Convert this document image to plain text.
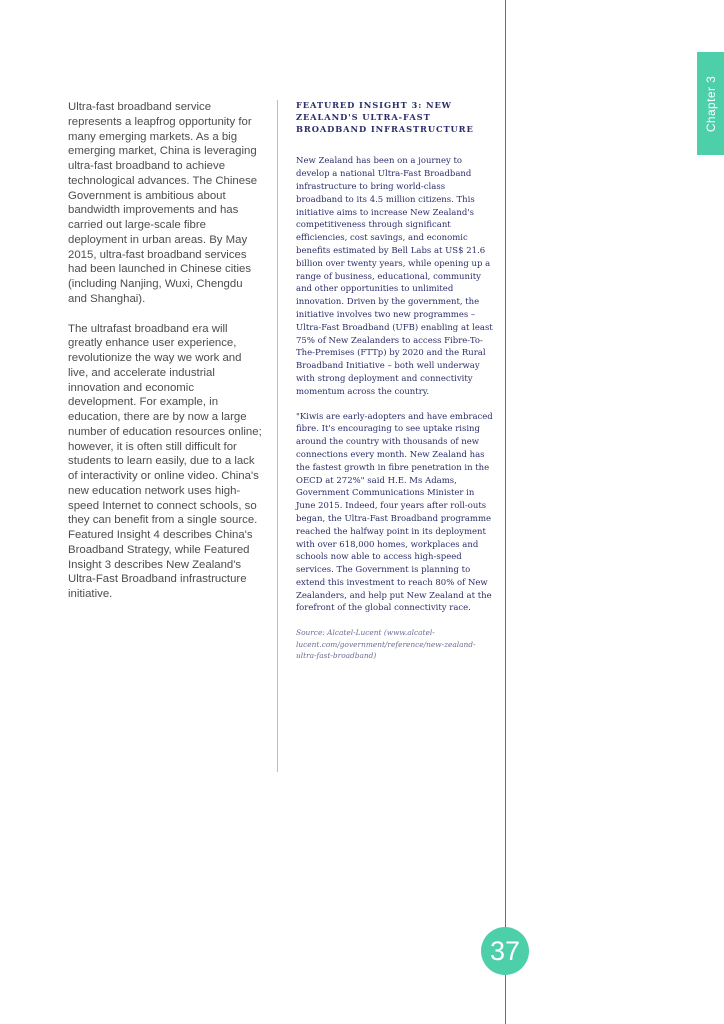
Ultra-fast broadband service represents a leapfrog opportunity for many emerging markets. As a big emerging market, China is leveraging ultra-fast broadband to achieve technological advances. The Chinese Government is ambitious about bandwidth improvements and has carried out large-scale fibre deployment in urban areas. By May 2015, ultra-fast broadband services had been launched in Chinese cities (including Nanjing, Wuxi, Chengdu and Shanghai).

The ultrafast broadband era will greatly enhance user experience, revolutionize the way we work and live, and accelerate industrial innovation and economic development. For example, in education, there are by now a large number of education resources online; however, it is often still difficult for students to learn easily, due to a lack of interactivity or online video. China's new education network uses high-speed Internet to connect schools, so they can benefit from a single source. Featured Insight 4 describes China's Broadband Strategy, while Featured Insight 3 describes New Zealand's Ultra-Fast Broadband infrastructure initiative.

FEATURED INSIGHT 3: NEW ZEALAND'S ULTRA-FAST BROADBAND INFRASTRUCTURE

New Zealand has been on a journey to develop a national Ultra-Fast Broadband infrastructure to bring world-class broadband to its 4.5 million citizens. This initiative aims to increase New Zealand's competitiveness through significant efficiencies, cost savings, and economic benefits estimated by Bell Labs at US$ 21.6 billion over twenty years, while opening up a range of business, educational, community and other opportunities to unlimited innovation. Driven by the government, the initiative involves two new programmes – Ultra-Fast Broadband (UFB) enabling at least 75% of New Zealanders to access Fibre-To-The-Premises (FTTp) by 2020 and the Rural Broadband Initiative – both well underway with strong deployment and connectivity momentum across the country.

"Kiwis are early-adopters and have embraced fibre. It's encouraging to see uptake rising around the country with thousands of new connections every month. New Zealand has the fastest growth in fibre penetration in the OECD at 272%" said H.E. Ms Adams, Government Communications Minister in June 2015. Indeed, four years after roll-outs began, the Ultra-Fast Broadband programme reached the halfway point in its deployment with over 618,000 homes, workplaces and schools now able to access high-speed services. The Government is planning to extend this investment to reach 80% of New Zealanders, and help put New Zealand at the forefront of the global connectivity race.

Source: Alcatel-Lucent (www.alcatel-lucent.com/government/reference/new-zealand-ultra-fast-broadband)

Chapter 3
37
